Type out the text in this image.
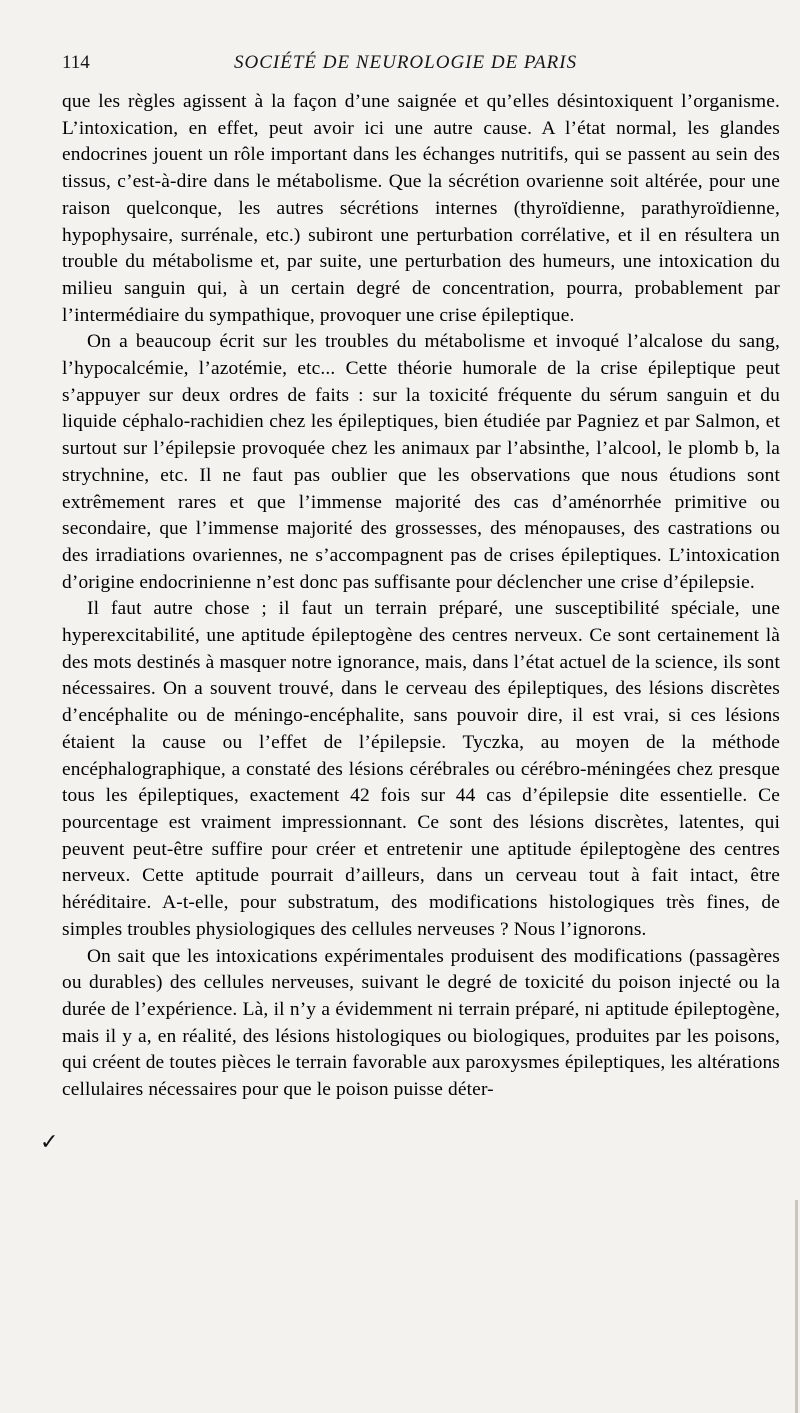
114	SOCIÉTÉ DE NEUROLOGIE DE PARIS

que les règles agissent à la façon d’une saignée et qu’elles désintoxiquent l’organisme. L’intoxication, en effet, peut avoir ici une autre cause. A l’état normal, les glandes endocrines jouent un rôle important dans les échanges nutritifs, qui se passent au sein des tissus, c’est-à-dire dans le métabolisme. Que la sécrétion ovarienne soit altérée, pour une raison quelconque, les autres sécrétions internes (thyroïdienne, parathyroïdienne, hypophysaire, surrénale, etc.) subiront une perturbation corrélative, et il en résultera un trouble du métabolisme et, par suite, une perturbation des humeurs, une intoxication du milieu sanguin qui, à un certain degré de concentration, pourra, probablement par l’intermédiaire du sympathique, provoquer une crise épileptique.

On a beaucoup écrit sur les troubles du métabolisme et invoqué l’alcalose du sang, l’hypocalcémie, l’azotémie, etc... Cette théorie humorale de la crise épileptique peut s’appuyer sur deux ordres de faits : sur la toxicité fréquente du sérum sanguin et du liquide céphalo-rachidien chez les épileptiques, bien étudiée par Pagniez et par Salmon, et surtout sur l’épilepsie provoquée chez les animaux par l’absinthe, l’alcool, le plomb b, la strychnine, etc. Il ne faut pas oublier que les observations que nous étudions sont extrêmement rares et que l’immense majorité des cas d’aménorrhée primitive ou secondaire, que l’immense majorité des grossesses, des ménopauses, des castrations ou des irradiations ovariennes, ne s’accompagnent pas de crises épileptiques. L’intoxication d’origine endocrinienne n’est donc pas suffisante pour déclencher une crise d’épilepsie.

Il faut autre chose ; il faut un terrain préparé, une susceptibilité spéciale, une hyperexcitabilité, une aptitude épileptogène des centres nerveux. Ce sont certainement là des mots destinés à masquer notre ignorance, mais, dans l’état actuel de la science, ils sont nécessaires. On a souvent trouvé, dans le cerveau des épileptiques, des lésions discrètes d’encéphalite ou de méningo-encéphalite, sans pouvoir dire, il est vrai, si ces lésions étaient la cause ou l’effet de l’épilepsie. Tyczka, au moyen de la méthode encéphalographique, a constaté des lésions cérébrales ou cérébro-méningées chez presque tous les épileptiques, exactement 42 fois sur 44 cas d’épilepsie dite essentielle. Ce pourcentage est vraiment impressionnant. Ce sont des lésions discrètes, latentes, qui peuvent peut-être suffire pour créer et entretenir une aptitude épileptogène des centres nerveux. Cette aptitude pourrait d’ailleurs, dans un cerveau tout à fait intact, être héréditaire. A-t-elle, pour substratum, des modifications histologiques très fines, de simples troubles physiologiques des cellules nerveuses ? Nous l’ignorons.

On sait que les intoxications expérimentales produisent des modifications (passagères ou durables) des cellules nerveuses, suivant le degré de toxicité du poison injecté ou la durée de l’expérience. Là, il n’y a évidemment ni terrain préparé, ni aptitude épileptogène, mais il y a, en réalité, des lésions histologiques ou biologiques, produites par les poisons, qui créent de toutes pièces le terrain favorable aux paroxysmes épileptiques, les altérations cellulaires nécessaires pour que le poison puisse déter-

✓
